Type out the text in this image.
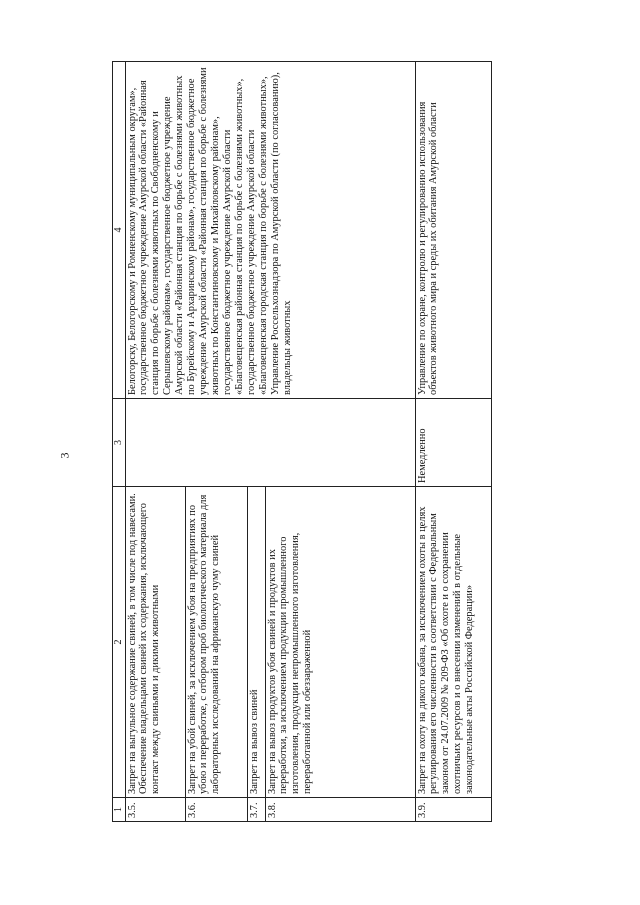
3
1	2	3	4
3.5.	Запрет на выгульное содержание свиней, в том числе под навесами. Обеспечение владельцами свиней их содержания, исключающего контакт между свиньями и дикими животными		Белогорску, Белогорскому и Ромненскому муниципальным округам», государственное бюджетное учреждение Амурской области «Районная станция по борьбе с болезнями животных по Свободненскому и Серышевскому районам», государственное бюджетное учреждение Амурской области «Районная станция по борьбе с болезнями животных по Бурейскому и Архаринскому районам», государственное бюджетное учреждение Амурской области «Районная станция по борьбе с болезнями животных по Константиновскому и Михайловскому районам», государственное бюджетное учреждение Амурской области «Благовещенская районная станция по борьбе с болезнями животных», государственное бюджетное учреждение Амурской области «Благовещенская городская станция по борьбе с болезнями животных»,
Управление Россельхознадзора по Амурской области (по согласованию), владельцы животных
3.6.	Запрет на убой свиней, за исключением убоя на предприятиях по убою и переработке, с отбором проб биологического материала для лабораторных исследований на африканскую чуму свиней		
3.7.	Запрет на вывоз свиней		
3.8.	Запрет на вывоз продуктов убоя свиней и продуктов их переработки, за исключением продукции промышленного изготовления, продукции непромышленного изготовления, переработанной или обеззараженной		
3.9.	Запрет на охоту на дикого кабана, за исключением охоты в целях регулирования его численности в соответствии с Федеральным законом от 24.07.2009 № 209-ФЗ «Об охоте и о сохранении охотничьих ресурсов и о внесении изменений в отдельные законодательные акты Российской Федерации»	Немедленно	Управление по охране, контролю и регулированию использования объектов животного мира и среды их обитания Амурской области
